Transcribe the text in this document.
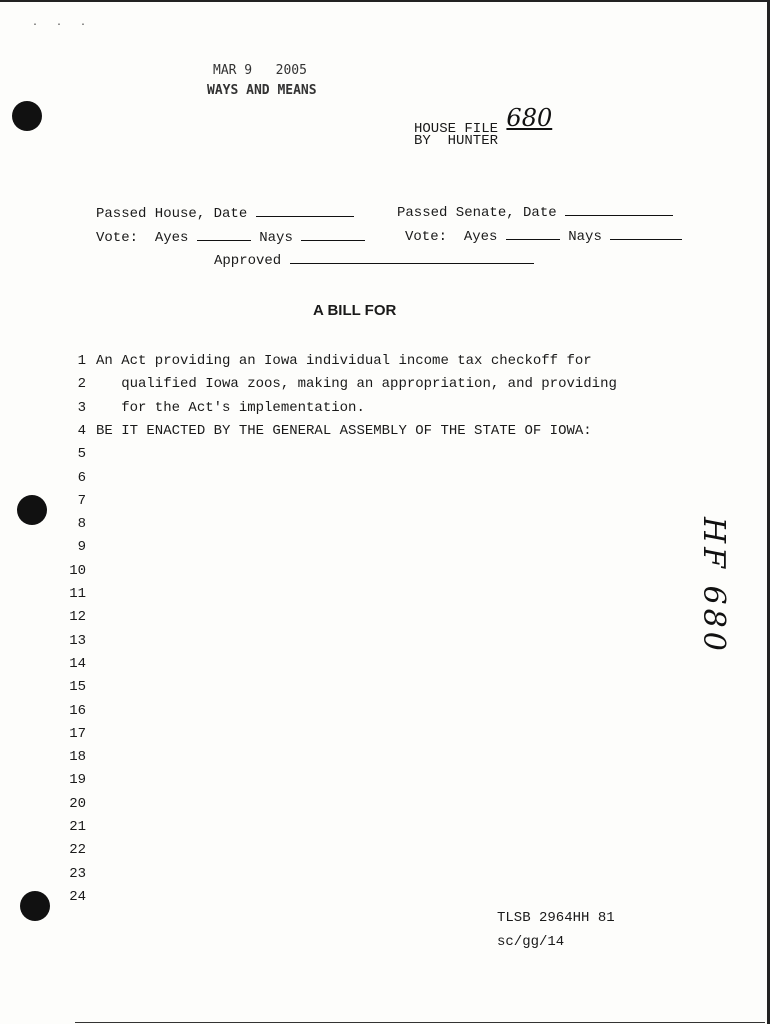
· · ·
MAR 9   2005
WAYS AND MEANS
HOUSE FILE 680
BY  HUNTER
Passed House, Date	Passed Senate, Date
Vote: Ayes	Nays	Vote: Ayes	Nays
Approved
A BILL FOR
1 An Act providing an Iowa individual income tax checkoff for
2   qualified Iowa zoos, making an appropriation, and providing
3   for the Act's implementation.
4 BE IT ENACTED BY THE GENERAL ASSEMBLY OF THE STATE OF IOWA:
5
6
7
8
9
10
11
12
13
14
15
16
17
18
19
20
21
22
23
24
HF 680
TLSB 2964HH 81
sc/gg/14
